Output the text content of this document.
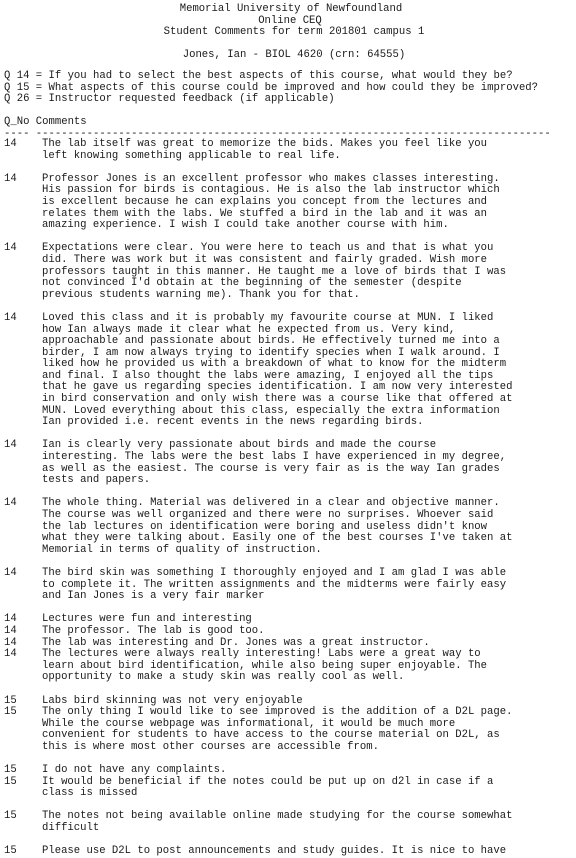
Memorial University of Newfoundland
Online CEQ
Student Comments for term 201801 campus 1
Jones, Ian - BIOL 4620 (crn: 64555)
Q 14 = If you had to select the best aspects of this course, what would they be?
Q 15 = What aspects of this course could be improved and how could they be improved?
Q 26 = Instructor requested feedback (if applicable)
Q_No Comments
---- ---------------------------------------------------------------------------------
14	The lab itself was great to memorize the bids. Makes you feel like you
left knowing something applicable to real life.
14	Professor Jones is an excellent professor who makes classes interesting.
His passion for birds is contagious. He is also the lab instructor which
is excellent because he can explains you concept from the lectures and
relates them with the labs. We stuffed a bird in the lab and it was an
amazing experience. I wish I could take another course with him.
14	Expectations were clear. You were here to teach us and that is what you
did. There was work but it was consistent and fairly graded. Wish more
professors taught in this manner. He taught me a love of birds that I was
not convinced I'd obtain at the beginning of the semester (despite
previous students warning me). Thank you for that.
14	Loved this class and it is probably my favourite course at MUN. I liked
how Ian always made it clear what he expected from us. Very kind,
approachable and passionate about birds. He effectively turned me into a
birder, I am now always trying to identify species when I walk around. I
liked how he provided us with a breakdown of what to know for the midterm
and final. I also thought the labs were amazing, I enjoyed all the tips
that he gave us regarding species identification. I am now very interested
in bird conservation and only wish there was a course like that offered at
MUN. Loved everything about this class, especially the extra information
Ian provided i.e. recent events in the news regarding birds.
14	Ian is clearly very passionate about birds and made the course
interesting. The labs were the best labs I have experienced in my degree,
as well as the easiest. The course is very fair as is the way Ian grades
tests and papers.
14	The whole thing. Material was delivered in a clear and objective manner.
The course was well organized and there were no surprises. Whoever said
the lab lectures on identification were boring and useless didn't know
what they were talking about. Easily one of the best courses I've taken at
Memorial in terms of quality of instruction.
14	The bird skin was something I thoroughly enjoyed and I am glad I was able
to complete it. The written assignments and the midterms were fairly easy
and Ian Jones is a very fair marker
14	Lectures were fun and interesting
14	The professor. The lab is good too.
14	The lab was interesting and Dr. Jones was a great instructor.
14	The lectures were always really interesting! Labs were a great way to
learn about bird identification, while also being super enjoyable. The
opportunity to make a study skin was really cool as well.
15	Labs bird skinning was not very enjoyable
15	The only thing I would like to see improved is the addition of a D2L page.
While the course webpage was informational, it would be much more
convenient for students to have access to the course material on D2L, as
this is where most other courses are accessible from.
15	I do not have any complaints.
15	It would be beneficial if the notes could be put up on d2l in case if a
class is missed
15	The notes not being available online made studying for the course somewhat
difficult
15	Please use D2L to post announcements and study guides. It is nice to have
